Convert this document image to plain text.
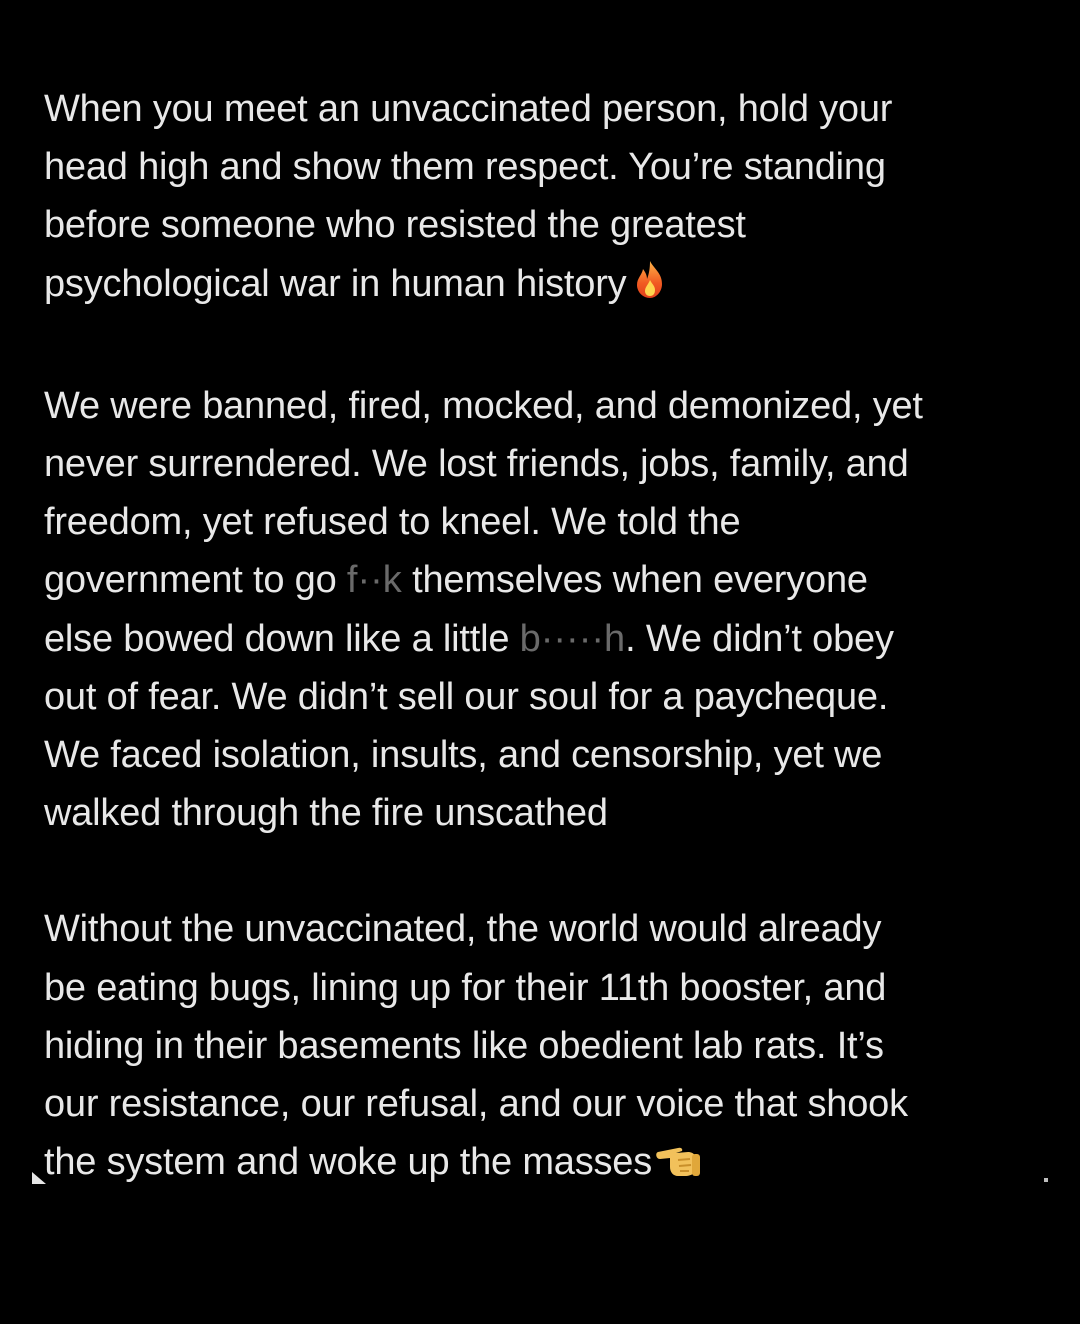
When you meet an unvaccinated person, hold your
head high and show them respect. You’re standing
before someone who resisted the greatest
psychological war in human history

We were banned, fired, mocked, and demonized, yet
never surrendered. We lost friends, jobs, family, and
freedom, yet refused to kneel. We told the
government to go f··k themselves when everyone
else bowed down like a little b·····h. We didn’t obey
out of fear. We didn’t sell our soul for a paycheque.
We faced isolation, insults, and censorship, yet we
walked through the fire unscathed

Without the unvaccinated, the world would already
be eating bugs, lining up for their 11th booster, and
hiding in their basements like obedient lab rats. It’s
our resistance, our refusal, and our voice that shook
the system and woke up the masses
